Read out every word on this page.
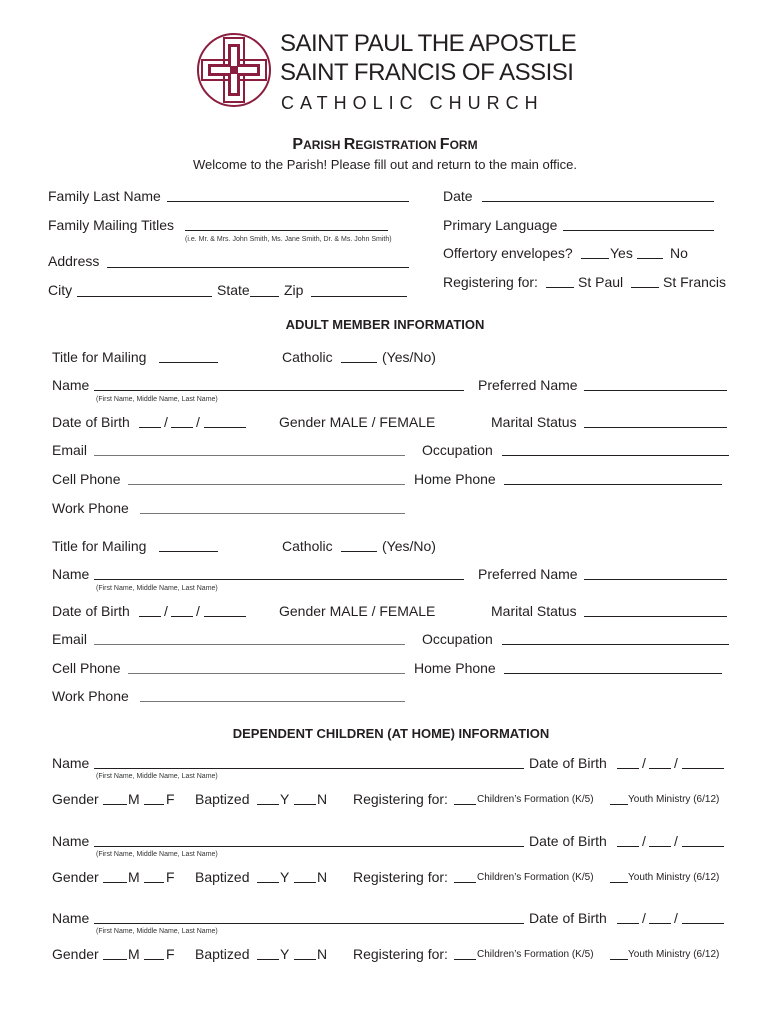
SAINT PAUL THE APOSTLE
SAINT FRANCIS OF ASSISI
CATHOLIC CHURCH
PARISH REGISTRATION FORM
Welcome to the Parish! Please fill out and return to the main office.
Family Last Name	Date
Family Mailing Titles
(i.e. Mr. & Mrs. John Smith, Ms. Jane Smith, Dr. & Ms. John Smith)
Primary Language
Offertory envelopes?	Yes	No
Address
Registering for:	St Paul	St Francis
City	State Zip
ADULT MEMBER INFORMATION
Title for Mailing	Catholic	(Yes/No)
Name
(First Name, Middle Name, Last Name)
Preferred Name
Date of Birth / /	Gender MALE / FEMALE	Marital Status
Email	Occupation
Cell Phone	Home Phone
Work Phone
Title for Mailing	Catholic	(Yes/No)
Name
(First Name, Middle Name, Last Name)
Preferred Name
Date of Birth / /	Gender MALE / FEMALE	Marital Status
Email	Occupation
Cell Phone	Home Phone
Work Phone
DEPENDENT CHILDREN (AT HOME) INFORMATION
Name
(First Name, Middle Name, Last Name)
Date of Birth	/ /
Gender M F Baptized Y N Registering for:	Children’s Formation (K/5)	Youth Ministry (6/12)
Name
(First Name, Middle Name, Last Name)
Date of Birth	/ /
Gender M F Baptized Y N Registering for:	Children’s Formation (K/5)	Youth Ministry (6/12)
Name
(First Name, Middle Name, Last Name)
Date of Birth	/ /
Gender M F Baptized Y N Registering for:	Children’s Formation (K/5)	Youth Ministry (6/12)
